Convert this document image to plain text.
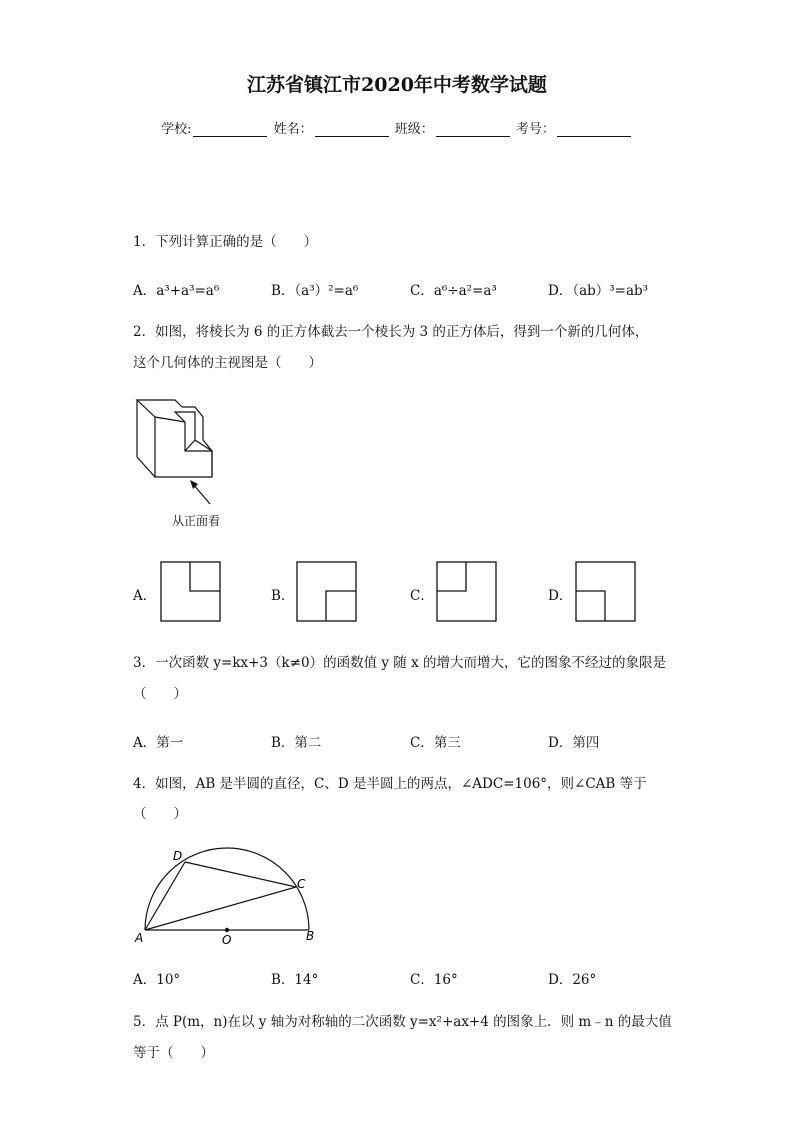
江苏省镇江市2020年中考数学试题
学校:	姓名：	班级：	考号：
1．下列计算正确的是（　　）
A．a³+a³=a⁶	B．（a³）²=a⁶	C．a⁶÷a²=a³	D．（ab）³=ab³
2．如图，将棱长为 6 的正方体截去一个棱长为 3 的正方体后，得到一个新的几何体，
这个几何体的主视图是（　　）
从正面看
A．	B．	C．	D．
3．一次函数 y=kx+3（k≠0）的函数值 y 随 x 的增大而增大，它的图象不经过的象限是
（　　）
A．第一	B．第二	C．第三	D．第四
4．如图，AB 是半圆的直径，C、D 是半圆上的两点，∠ADC=106°，则∠CAB 等于
（　　）
A	B
C
D
O
A．10°	B．14°	C．16°	D．26°
5．点 P(m，n)在以 y 轴为对称轴的二次函数 y=x²+ax+4 的图象上．则 m﹣n 的最大值
等于（　　）
